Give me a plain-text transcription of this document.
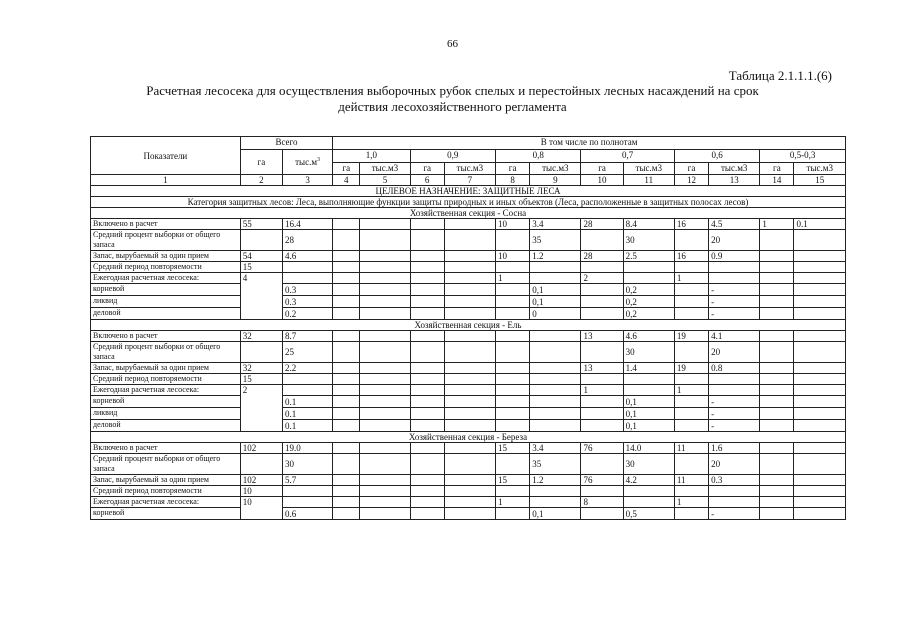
66
Таблица 2.1.1.1.(6)
Расчетная лесосека для осуществления выборочных рубок спелых и перестойных лесных насаждений на срок
действия лесохозяйственного регламента
Показатели	Всего		В том числе по полнотам											
	га	$тыс.м^3$	1,0		0,9		0,8		0,7		0,6		0,5-0,3	
			га	тыс.м3	га	тыс.м3	га	тыс.м3	га	тыс.м3	га	тыс.м3	га	тыс.м3
1	2	3	4	5	6	7	8	9	10	11	12	13	14	15
ЦЕЛЕВОЕ НАЗНАЧЕНИЕ: ЗАЩИТНЫЕ ЛЕСА														
Категория защитных лесов: Леса, выполняющие функции защиты природных и иных объектов (Леса, расположенные в защитных полосах лесов)														
Хозяйственная секция - Сосна														
Включено в расчет	55	16.4					10	3.4	28	8.4	16	4.5	1	0.1
Средний процент выборки от общего запаса		28						35		30		20		
Запас, вырубаемый за один прием	54	4.6					10	1.2	28	2.5	16	0.9		
Средний период повторяемости	15													
Ежегодная расчетная лесосека:	4						1		2		1			
корневой		0.3						0,1		0,2		-		
ликвид		0.3						0,1		0,2		-		
деловой		0.2						0		0,2		-		
Хозяйственная секция - Ель														
Включено в расчет	32	8.7							13	4.6	19	4.1		
Средний процент выборки от общего запаса		25								30		20		
Запас, вырубаемый за один прием	32	2.2							13	1.4	19	0.8		
Средний период повторяемости	15													
Ежегодная расчетная лесосека:	2								1		1			
корневой		0.1								0,1		-		
ликвид		0.1								0,1		-		
деловой		0.1								0,1		-		
Хозяйственная секция - Береза														
Включено в расчет	102	19.0					15	3.4	76	14.0	11	1.6		
Средний процент выборки от общего запаса		30						35		30		20		
Запас, вырубаемый за один прием	102	5.7					15	1.2	76	4.2	11	0.3		
Средний период повторяемости	10													
Ежегодная расчетная лесосека:	10						1		8		1			
корневой		0.6						0,1		0,5		-		
